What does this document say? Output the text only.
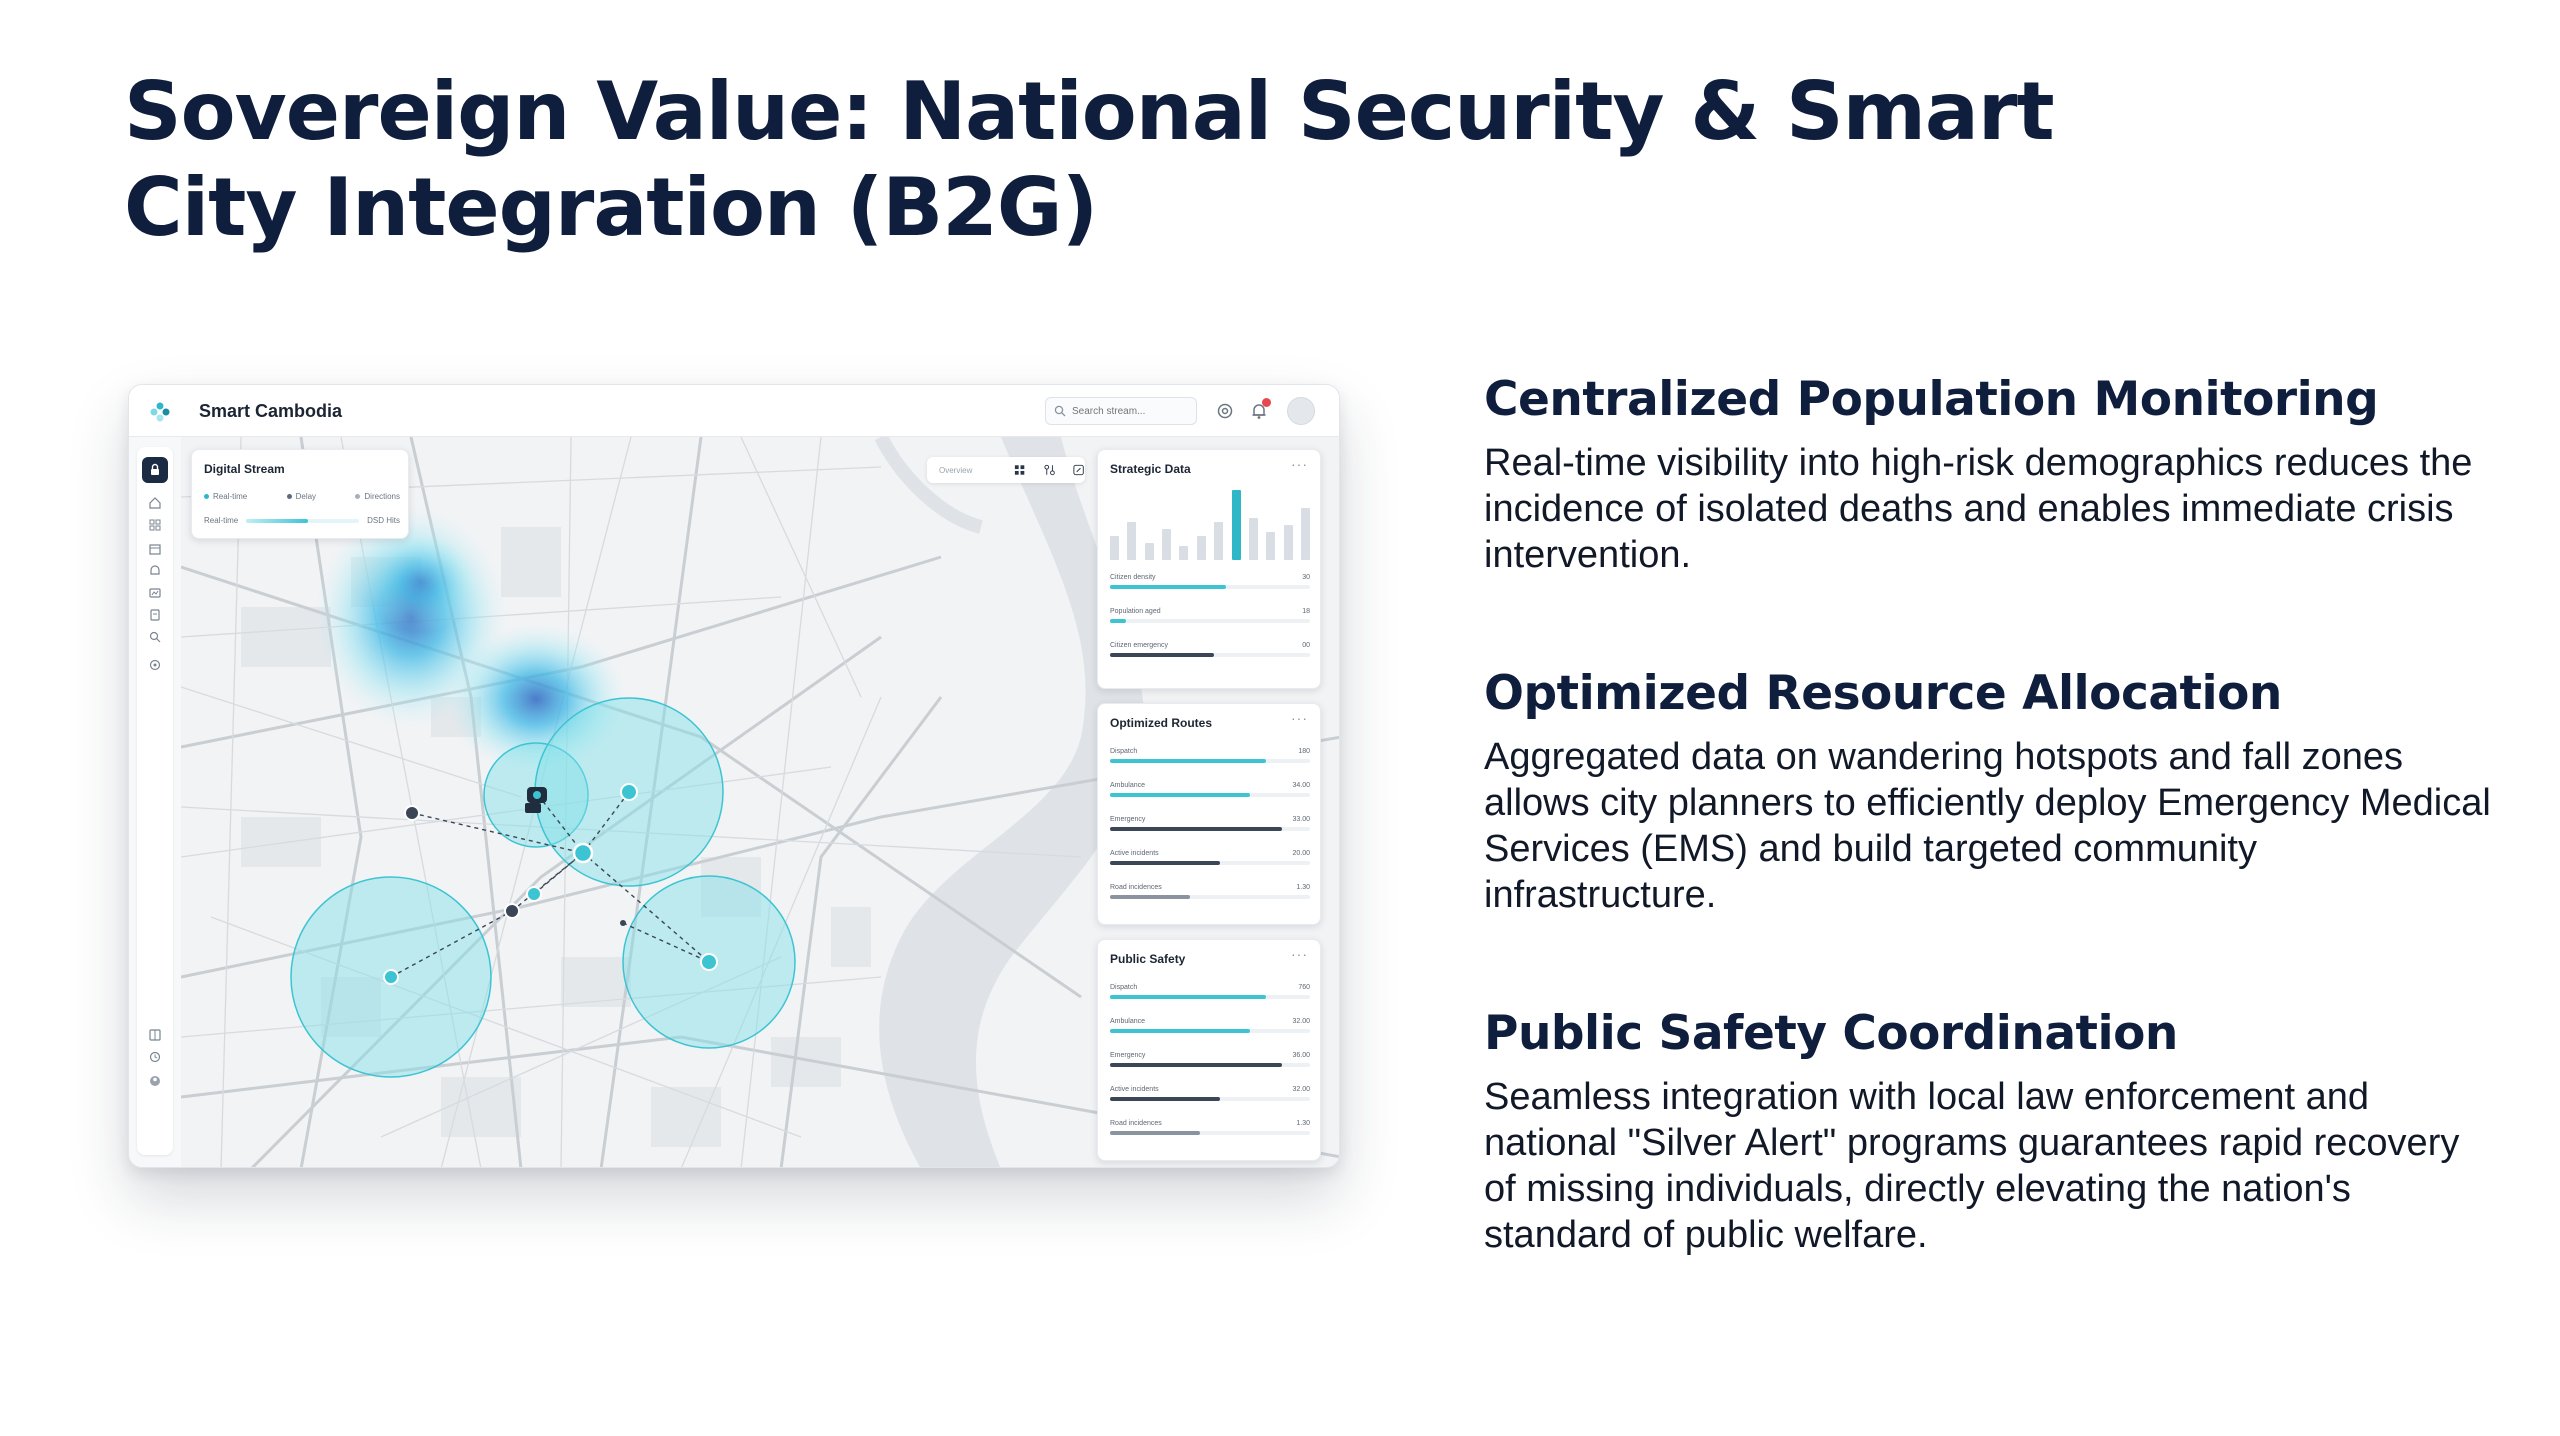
Sovereign Value: National Security & Smart City Integration (B2G)
Smart Cambodia
Search stream...
Digital Stream
Real-time	Delay	Directions
Real-time	DSD Hits
Overview	Strategic Data	···
Citizen density	30
Population aged	18
Citizen emergency	00
Optimized Routes	···
Dispatch	180
Ambulance	34.00
Emergency	33.00
Active incidents	20.00
Road incidences	1.30
Public Safety	···
Dispatch	760
Ambulance	32.00
Emergency	36.00
Active incidents	32.00
Road incidences	1.30
Centralized Population Monitoring

Real-time visibility into high-risk demographics reduces the incidence of isolated deaths and enables immediate crisis intervention.

Optimized Resource Allocation

Aggregated data on wandering hotspots and fall zones allows city planners to efficiently deploy Emergency Medical Services (EMS) and build targeted community infrastructure.

Public Safety Coordination

Seamless integration with local law enforcement and national "Silver Alert" programs guarantees rapid recovery of missing individuals, directly elevating the nation's standard of public welfare.
